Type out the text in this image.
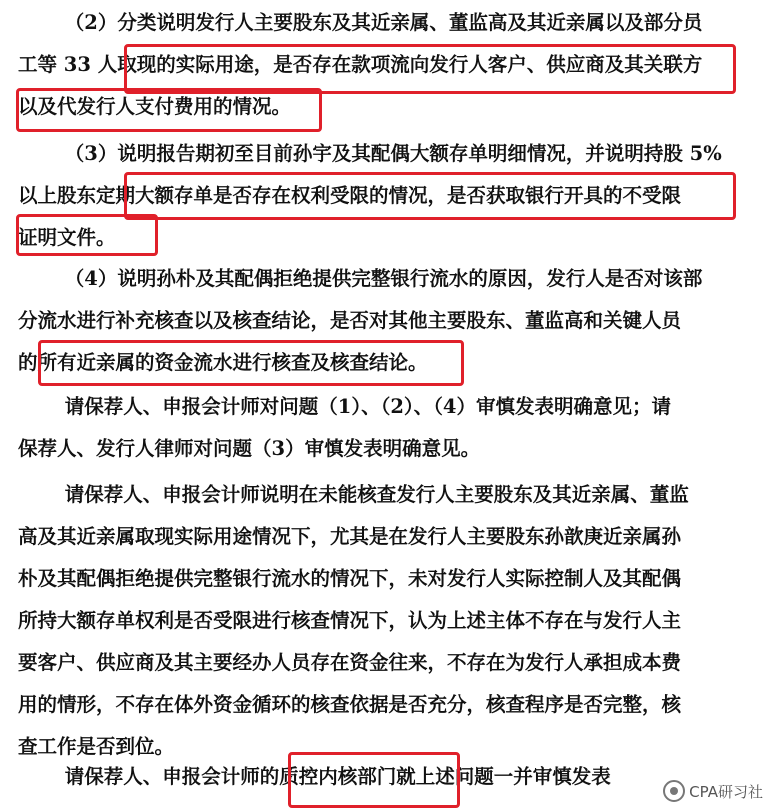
（2）分类说明发行人主要股东及其近亲属、董监高及其近亲属以及部分员
工等 33 人取现的实际用途，是否存在款项流向发行人客户、供应商及其关联方
以及代发行人支付费用的情况。

（3）说明报告期初至目前孙宇及其配偶大额存单明细情况，并说明持股 5%
以上股东定期大额存单是否存在权利受限的情况，是否获取银行开具的不受限
证明文件。

（4）说明孙朴及其配偶拒绝提供完整银行流水的原因，发行人是否对该部
分流水进行补充核查以及核查结论，是否对其他主要股东、董监高和关键人员
的所有近亲属的资金流水进行核查及核查结论。

请保荐人、申报会计师对问题（1）、（2）、（4）审慎发表明确意见；请
保荐人、发行人律师对问题（3）审慎发表明确意见。

请保荐人、申报会计师说明在未能核查发行人主要股东及其近亲属、董监
高及其近亲属取现实际用途情况下，尤其是在发行人主要股东孙歆庚近亲属孙
朴及其配偶拒绝提供完整银行流水的情况下，未对发行人实际控制人及其配偶
所持大额存单权利是否受限进行核查情况下，认为上述主体不存在与发行人主
要客户、供应商及其主要经办人员存在资金往来，不存在为发行人承担成本费
用的情形，不存在体外资金循环的核查依据是否充分，核查程序是否完整，核
查工作是否到位。

请保荐人、申报会计师的质控内核部门就上述问题一并审慎发表

CPA研习社
